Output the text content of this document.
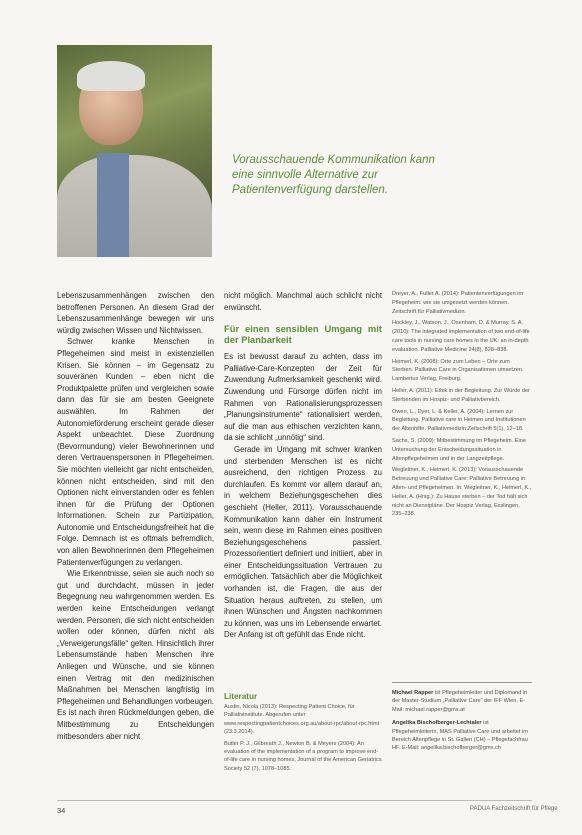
Vorausschauende Kommunikation kann eine sinnvolle Alternative zur Patientenverfügung darstellen.

Lebenszusammenhängen zwischen den betroffenen Personen. An diesem Grad der Lebenszusammenhänge bewegen wir uns würdig zwischen Wissen und Nichtwissen.

Schwer kranke Menschen in Pflegeheimen sind meist in existenziellen Krisen. Sie können – im Gegensatz zu souveränen Kunden – eben nicht die Produktpalette prüfen und vergleichen sowie dann das für sie am besten Geeignete auswählen. Im Rahmen der Autonomieförderung erscheint gerade dieser Aspekt unbeachtet. Diese Zuordnung (Bevormundung) vieler Bewohnerinnen und deren Vertrauenspersonen in Pflegeheimen. Sie möchten vielleicht gar nicht entscheiden, können nicht entscheiden, sind mit den Optionen nicht einverstanden oder es fehlen ihnen für die Prüfung der Optionen Informationen. Schein zur Partizipation, Autonomie und Entscheidungsfreiheit hat die Folge. Demnach ist es oftmals befremdlich, von allen Bewohnerinnen dem Pflegeheimen Patientenverfügungen zu verlangen.

Wie Erkenntnisse, seien sie auch noch so gut und durchdacht, müssen in jeder Begegnung neu wahrgenommen werden. Es werden keine Entscheidungen verlangt werden. Personen, die sich nicht entscheiden wollen oder können, dürfen nicht als „Verweigerungsfälle“ gelten. Hinsichtlich ihrer Lebensumstände haben Menschen ihre Anliegen und Wünsche, und sie können einen Vertrag mit den medizinischen Maßnahmen bei Menschen langfristig im Pflegeheimen und Behandlungen vorbeugen. Es ist nach ihren Rückmeldungen geben, die Mitbestimmung zu Entscheidungen mitbesonders aber nicht

nicht möglich. Manchmal auch schlicht nicht erwünscht.

Für einen sensiblen Umgang mit der Planbarkeit

Es ist bewusst darauf zu achten, dass im Palliative-Care-Konzepten der Zeit für Zuwendung Aufmerksamkeit geschenkt wird. Zuwendung und Fürsorge dürfen nicht im Rahmen von Rationalisierungsprozessen „Planungsinstrumente“ rationalisiert werden, auf die man aus ethischen verzichten kann, da sie schlicht „unnötig“ sind.

Gerade im Umgang mit schwer kranken und sterbenden Menschen ist es nicht ausreichend, den richtigen Prozess zu durchlaufen. Es kommt vor allem darauf an, in welchem Beziehungsgeschehen dies geschieht (Heller, 2011). Vorausschauende Kommunikation kann daher ein Instrument sein, wenn diese im Rahmen eines positiven Beziehungsgeschehens passiert. Prozessorientiert definiert und initiiert, aber in einer Entscheidungssituation Vertrauen zu ermöglichen. Tatsächlich aber die Möglichkeit vorhanden ist, die Fragen, die aus der Situation heraus auftreten, zu stellen, um ihnen Wünschen und Ängsten nachkommen zu können, was uns im Lebensende erwartet. Der Anfang ist oft gefühlt das Ende nicht.

Literatur

Austin, Nicola (2013): Respecting Patient Choice, für Palliativinstitute. Abgerufen unter www.respectingpatientchoices.org.au/about-rpc/about-rpc.html (23.3.2014).

Butler P. J., Gilbreath J., Newton B. & Meyers (2004): An evaluation of the implementation of a program to improve end-of-life care in nursing homes, Journal of the American Geriatrics Society 52 (7), 1078–1085.

Dreyer, A., Fuller A. (2014): Patientenverfügungen im Pflegeheim: wie sie umgesetzt werden können. Zeitschrift für Palliativmedizin.

Hockley, J., Watson, J., Oxenham, D. & Murray, S. A. (2010): The integrated implementation of two end-of-life care tools in nursing care homes in the UK: an in-depth evaluation. Palliative Medicine 24(8), 828–838.

Heimerl, K. (2008): Orte zum Leben – Orte zum Sterben. Palliative Care in Organisationen umsetzen. Lambertus Verlag, Freiburg.

Heller, A. (2011): Ethik in der Begleitung. Zur Würde der Sterbenden im Hospiz- und Palliativbereich.

Owen, L., Dyer, L. & Keller, A. (2004): Lernen zur Begleitung. Palliative care in Heimen und Institutionen der Altenhilfe. Palliativmedizin Zeitschrift 5(1), 12–18.

Sachs, S. (2009): Mitbestimmung im Pflegeheim. Eine Untersuchung der Entscheidungssituation in Altenpflegeheimen und in der Langzeitpflege.

Wegleitner, K., Heimerl, K. (2013): Vorausschauende Betreuung und Palliative Care: Palliative Betreuung in Alten- und Pflegeheimen. In: Wegleitner, K., Heimerl, K., Heller, A. (Hrsg.): Zu Hause sterben – der Tod hält sich nicht an Dienstpläne. Der Hospiz Verlag, Esslingen, 235–238.

Michael Rapper ist Pflegeheimleiter und Diplomand in der Master-Studium „Palliative Care“ der IFF Wien. E-Mail: michael.rapper@gmx.at

Angelika Bischofberger-Lechtaler ist Pflegeheimleiterin, MAS Palliative Care und arbeitet im Bereich Altenpflege in St. Gallen (CH) – Pflegefachfrau HF. E-Mail: angelika.bischofberger@gmx.ch

34	PADUA Fachzeitschrift für Pflege
